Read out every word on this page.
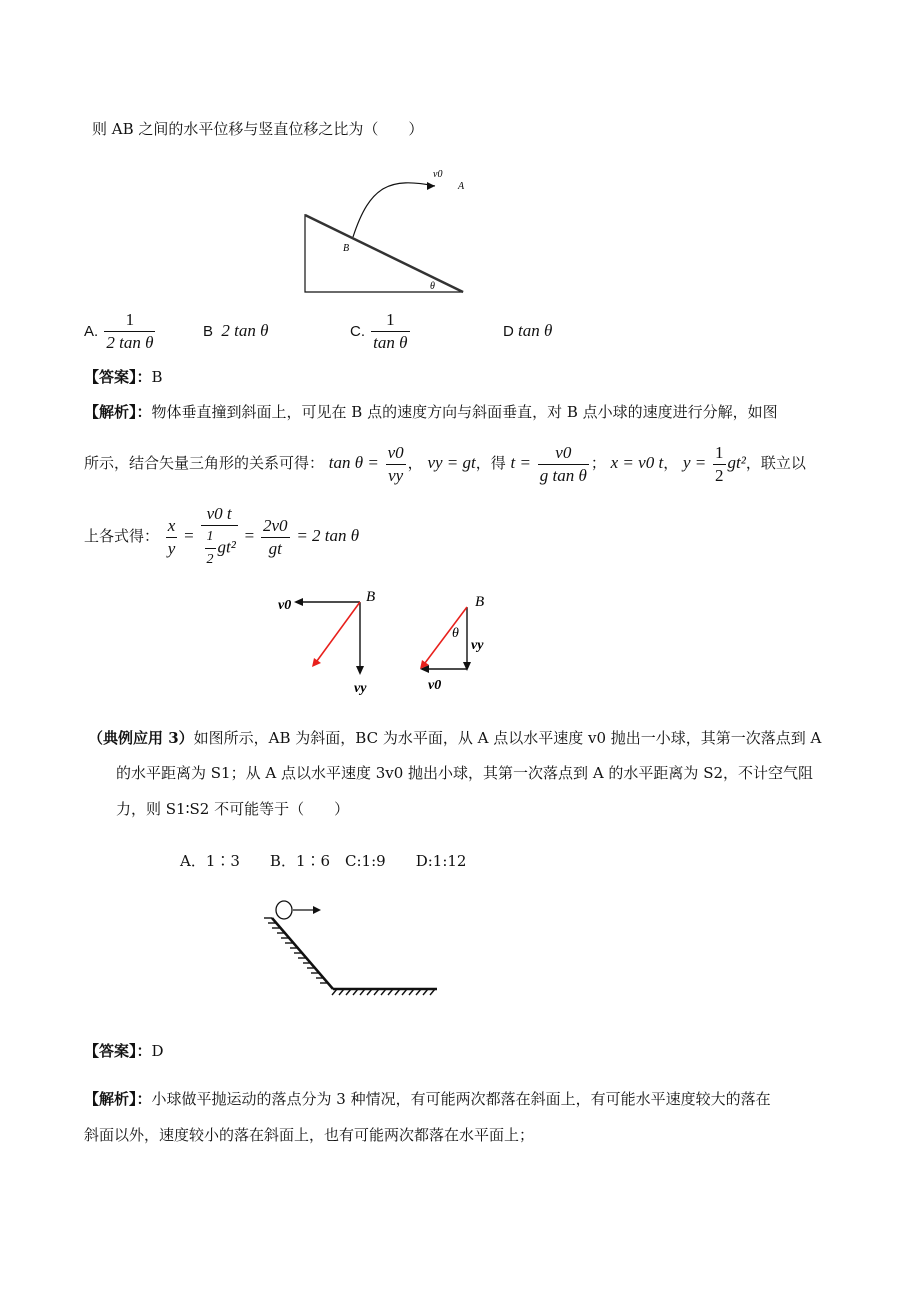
则 AB 之间的水平位移与竖直位移之比为（　　）
v0
A
B
θ
A. $\frac{1}{\text{2 tan θ}}$	B 2 tan θ	C. $\frac{1}{\text{tan θ}}$	D tan θ
【答案】：B
【解析】：物体垂直撞到斜面上，可见在 B 点的速度方向与斜面垂直，对 B 点小球的速度进行分解，如图
所示，结合矢量三角形的关系可得： $\tan \theta = \frac{v0}{vy}$ ， vy = gt，得 $t = \frac{v0}{\text{g tan θ}}$ ； x = v0 t， $y = \frac{1}{2} gt^2$，联立以
上各式得： $\frac{x}{y} = \frac{v0 t}{\frac{1}{2} gt^2} = \frac{2v0}{gt} = 2$ tan θ
v0
B
vy
B
θ
vy
v0
（典例应用 3）如图所示，AB 为斜面，BC 为水平面，从 A 点以水平速度 v0 抛出一小球，其第一次落点到 A
的水平距离为 S1；从 A 点以水平速度 3v0 抛出小球，其第一次落点到 A 的水平距离为 S2，不计空气阻
力，则 S1∶S2 不可能等于（　　）
A．1∶3　　B．1∶6　C:1:9　　D:1:12
【答案】：D
【解析】：小球做平抛运动的落点分为 3 种情况，有可能两次都落在斜面上，有可能水平速度较大的落在
斜面以外，速度较小的落在斜面上，也有可能两次都落在水平面上；
